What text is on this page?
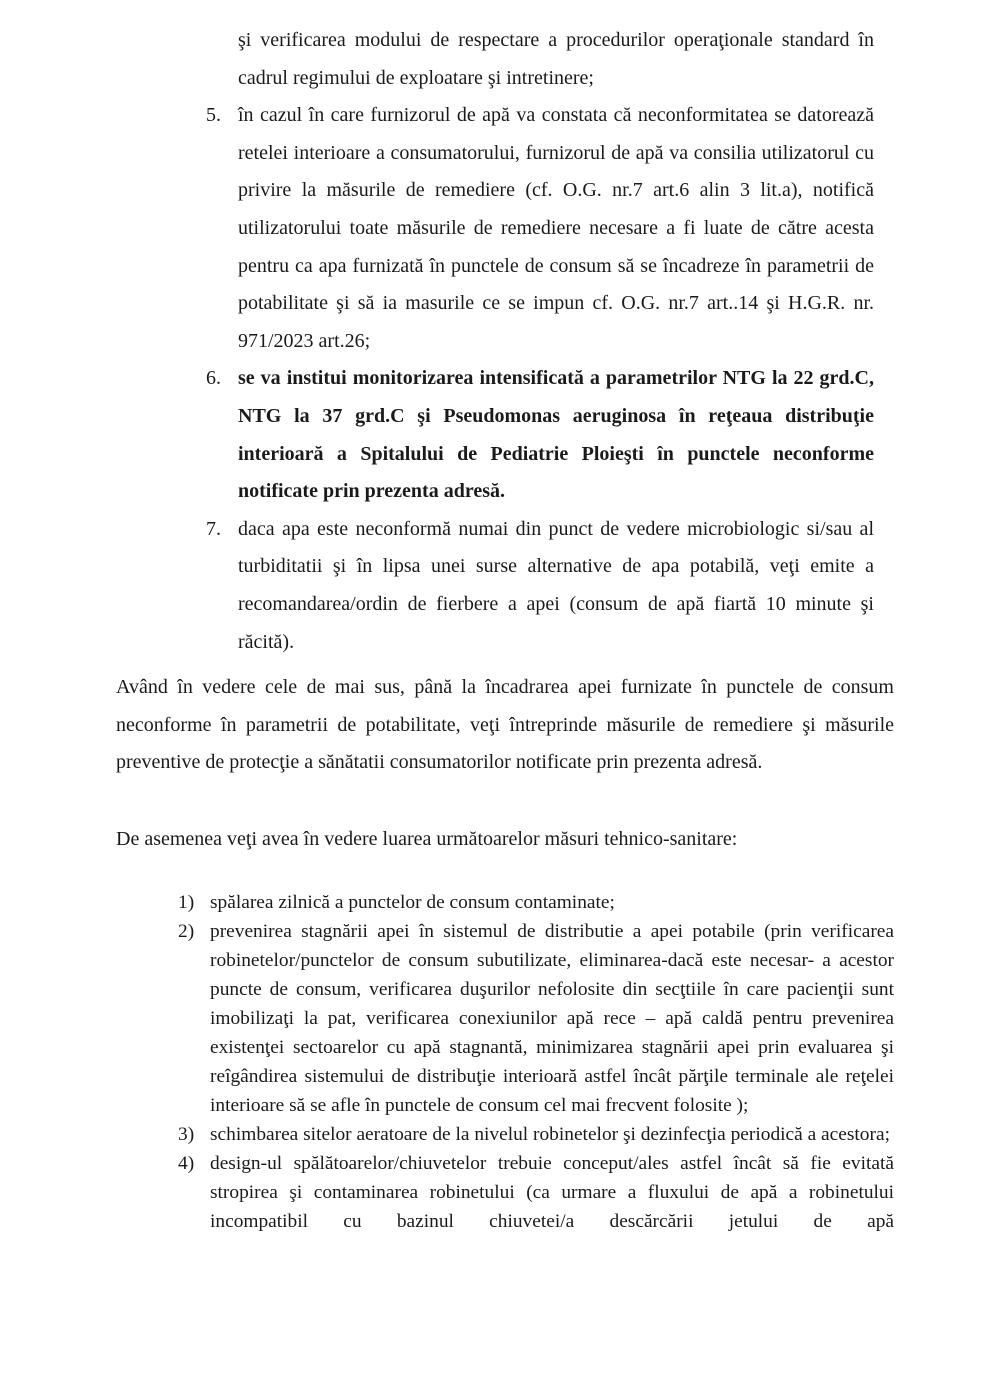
şi verificarea modului de respectare a procedurilor operaţionale standard în cadrul regimului de exploatare şi intretinere;
5. în cazul în care furnizorul de apă va constata că neconformitatea se datorează retelei interioare a consumatorului, furnizorul de apă va consilia utilizatorul cu privire la măsurile de remediere (cf. O.G. nr.7 art.6 alin 3 lit.a), notifică utilizatorului toate măsurile de remediere necesare a fi luate de către acesta pentru ca apa furnizată în punctele de consum să se încadreze în parametrii de potabilitate şi să ia masurile ce se impun cf. O.G. nr.7 art..14 şi H.G.R. nr. 971/2023 art.26;
6. se va institui monitorizarea intensificată a parametrilor NTG la 22 grd.C, NTG la 37 grd.C şi Pseudomonas aeruginosa în reţeaua distribuţie interioară a Spitalului de Pediatrie Ploieşti în punctele neconforme notificate prin prezenta adresă.
7. daca apa este neconformă numai din punct de vedere microbiologic si/sau al turbiditatii şi în lipsa unei surse alternative de apa potabilă, veţi emite a recomandarea/ordin de fierbere a apei (consum de apă fiartă 10 minute şi răcită).

Având în vedere cele de mai sus, până la încadrarea apei furnizate în punctele de consum neconforme în parametrii de potabilitate, veţi întreprinde măsurile de remediere şi măsurile preventive de protecţie a sănătatii consumatorilor notificate prin prezenta adresă.

De asemenea veţi avea în vedere luarea următoarelor măsuri tehnico-sanitare:

1) spălarea zilnică a punctelor de consum contaminate;
2) prevenirea stagnării apei în sistemul de distributie a apei potabile (prin verificarea robinetelor/punctelor de consum subutilizate, eliminarea-dacă este necesar- a acestor puncte de consum, verificarea duşurilor nefolosite din secţtiile în care pacienţii sunt imobilizaţi la pat, verificarea conexiunilor apă rece – apă caldă pentru prevenirea existenţei sectoarelor cu apă stagnantă, minimizarea stagnării apei prin evaluarea şi reîgândirea sistemului de distribuţie interioară astfel încât părţile terminale ale reţelei interioare să se afle în punctele de consum cel mai frecvent folosite );
3) schimbarea sitelor aeratoare de la nivelul robinetelor şi dezinfecţia periodică a acestora;
4) design-ul spălătoarelor/chiuvetelor trebuie conceput/ales astfel încât să fie evitată stropirea şi contaminarea robinetului (ca urmare a fluxului de apă a robinetului incompatibil cu bazinul chiuvetei/a descărcării jetului de apă
